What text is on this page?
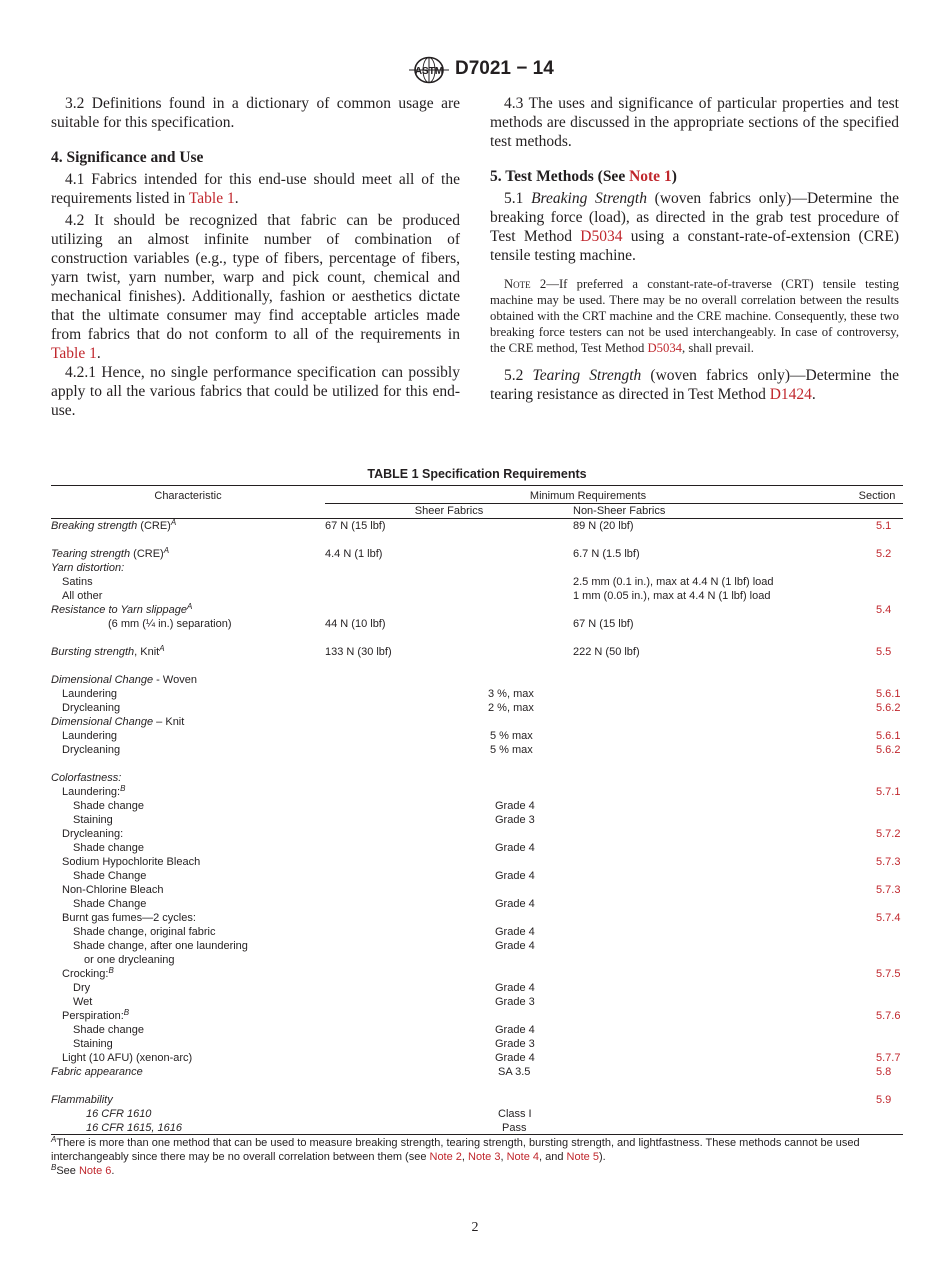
ASTM D7021 − 14

3.2 Definitions found in a dictionary of common usage are suitable for this specification.

4. Significance and Use

4.1 Fabrics intended for this end-use should meet all of the requirements listed in Table 1.

4.2 It should be recognized that fabric can be produced utilizing an almost infinite number of combination of construction variables (e.g., type of fibers, percentage of fibers, yarn twist, yarn number, warp and pick count, chemical and mechanical finishes). Additionally, fashion or aesthetics dictate that the ultimate consumer may find acceptable articles made from fabrics that do not conform to all of the requirements in Table 1.

4.2.1 Hence, no single performance specification can possibly apply to all the various fabrics that could be utilized for this end-use.

4.3 The uses and significance of particular properties and test methods are discussed in the appropriate sections of the specified test methods.

5. Test Methods (See Note 1)

5.1 Breaking Strength (woven fabrics only)—Determine the breaking force (load), as directed in the grab test procedure of Test Method D5034 using a constant-rate-of-extension (CRE) tensile testing machine.

Note 2—If preferred a constant-rate-of-traverse (CRT) tensile testing machine may be used. There may be no overall correlation between the results obtained with the CRT machine and the CRE machine. Consequently, these two breaking force testers can not be used interchangeably. In case of controversy, the CRE method, Test Method D5034, shall prevail.

5.2 Tearing Strength (woven fabrics only)—Determine the tearing resistance as directed in Test Method D1424.

TABLE 1 Specification Requirements
Characteristic	Minimum Requirements			Section
	Sheer Fabrics		Non-Sheer Fabrics	
Breaking strength (CRE)$^A$	67 N (15 lbf)		89 N (20 lbf)	5.1

Tearing strength (CRE)$^A$	4.4 N (1 lbf)		6.7 N (1.5 lbf)	5.2
Yarn distortion:				
Satins			2.5 mm (0.1 in.), max at 4.4 N (1 lbf) load	
All other			1 mm (0.05 in.), max at 4.4 N (1 lbf) load	
Resistance to Yarn slippage$^A$				5.4
(6 mm (¼ in.) separation)	44 N (10 lbf)		67 N (15 lbf)	

Bursting strength, Knit$^A$	133 N (30 lbf)		222 N (50 lbf)	5.5

Dimensional Change - Woven				
Laundering		3 %, max		5.6.1
Drycleaning		2 %, max		5.6.2
Dimensional Change – Knit				
Laundering		5 % max		5.6.1
Drycleaning		5 % max		5.6.2

Colorfastness:				
Laundering:$^B$				5.7.1
Shade change		Grade 4		
Staining		Grade 3		
Drycleaning:				5.7.2
Shade change		Grade 4		
Sodium Hypochlorite Bleach				5.7.3
Shade Change		Grade 4		
Non-Chlorine Bleach				5.7.3
Shade Change		Grade 4		
Burnt gas fumes—2 cycles:				5.7.4
Shade change, original fabric		Grade 4		
Shade change, after one laundering		Grade 4		
or one drycleaning				
Crocking:$^B$				5.7.5
Dry		Grade 4		
Wet		Grade 3		
Perspiration:$^B$				5.7.6
Shade change		Grade 4		
Staining		Grade 3		
Light (10 AFU) (xenon-arc)		Grade 4		5.7.7
Fabric appearance		SA 3.5		5.8

Flammability				5.9
16 CFR 1610		Class I		
16 CFR 1615, 1616		Pass		

$^A$There is more than one method that can be used to measure breaking strength, tearing strength, bursting strength, and lightfastness. These methods cannot be used interchangeably since there may be no overall correlation between them (see Note 2, Note 3, Note 4, and Note 5).

$^B$See Note 6.

2
